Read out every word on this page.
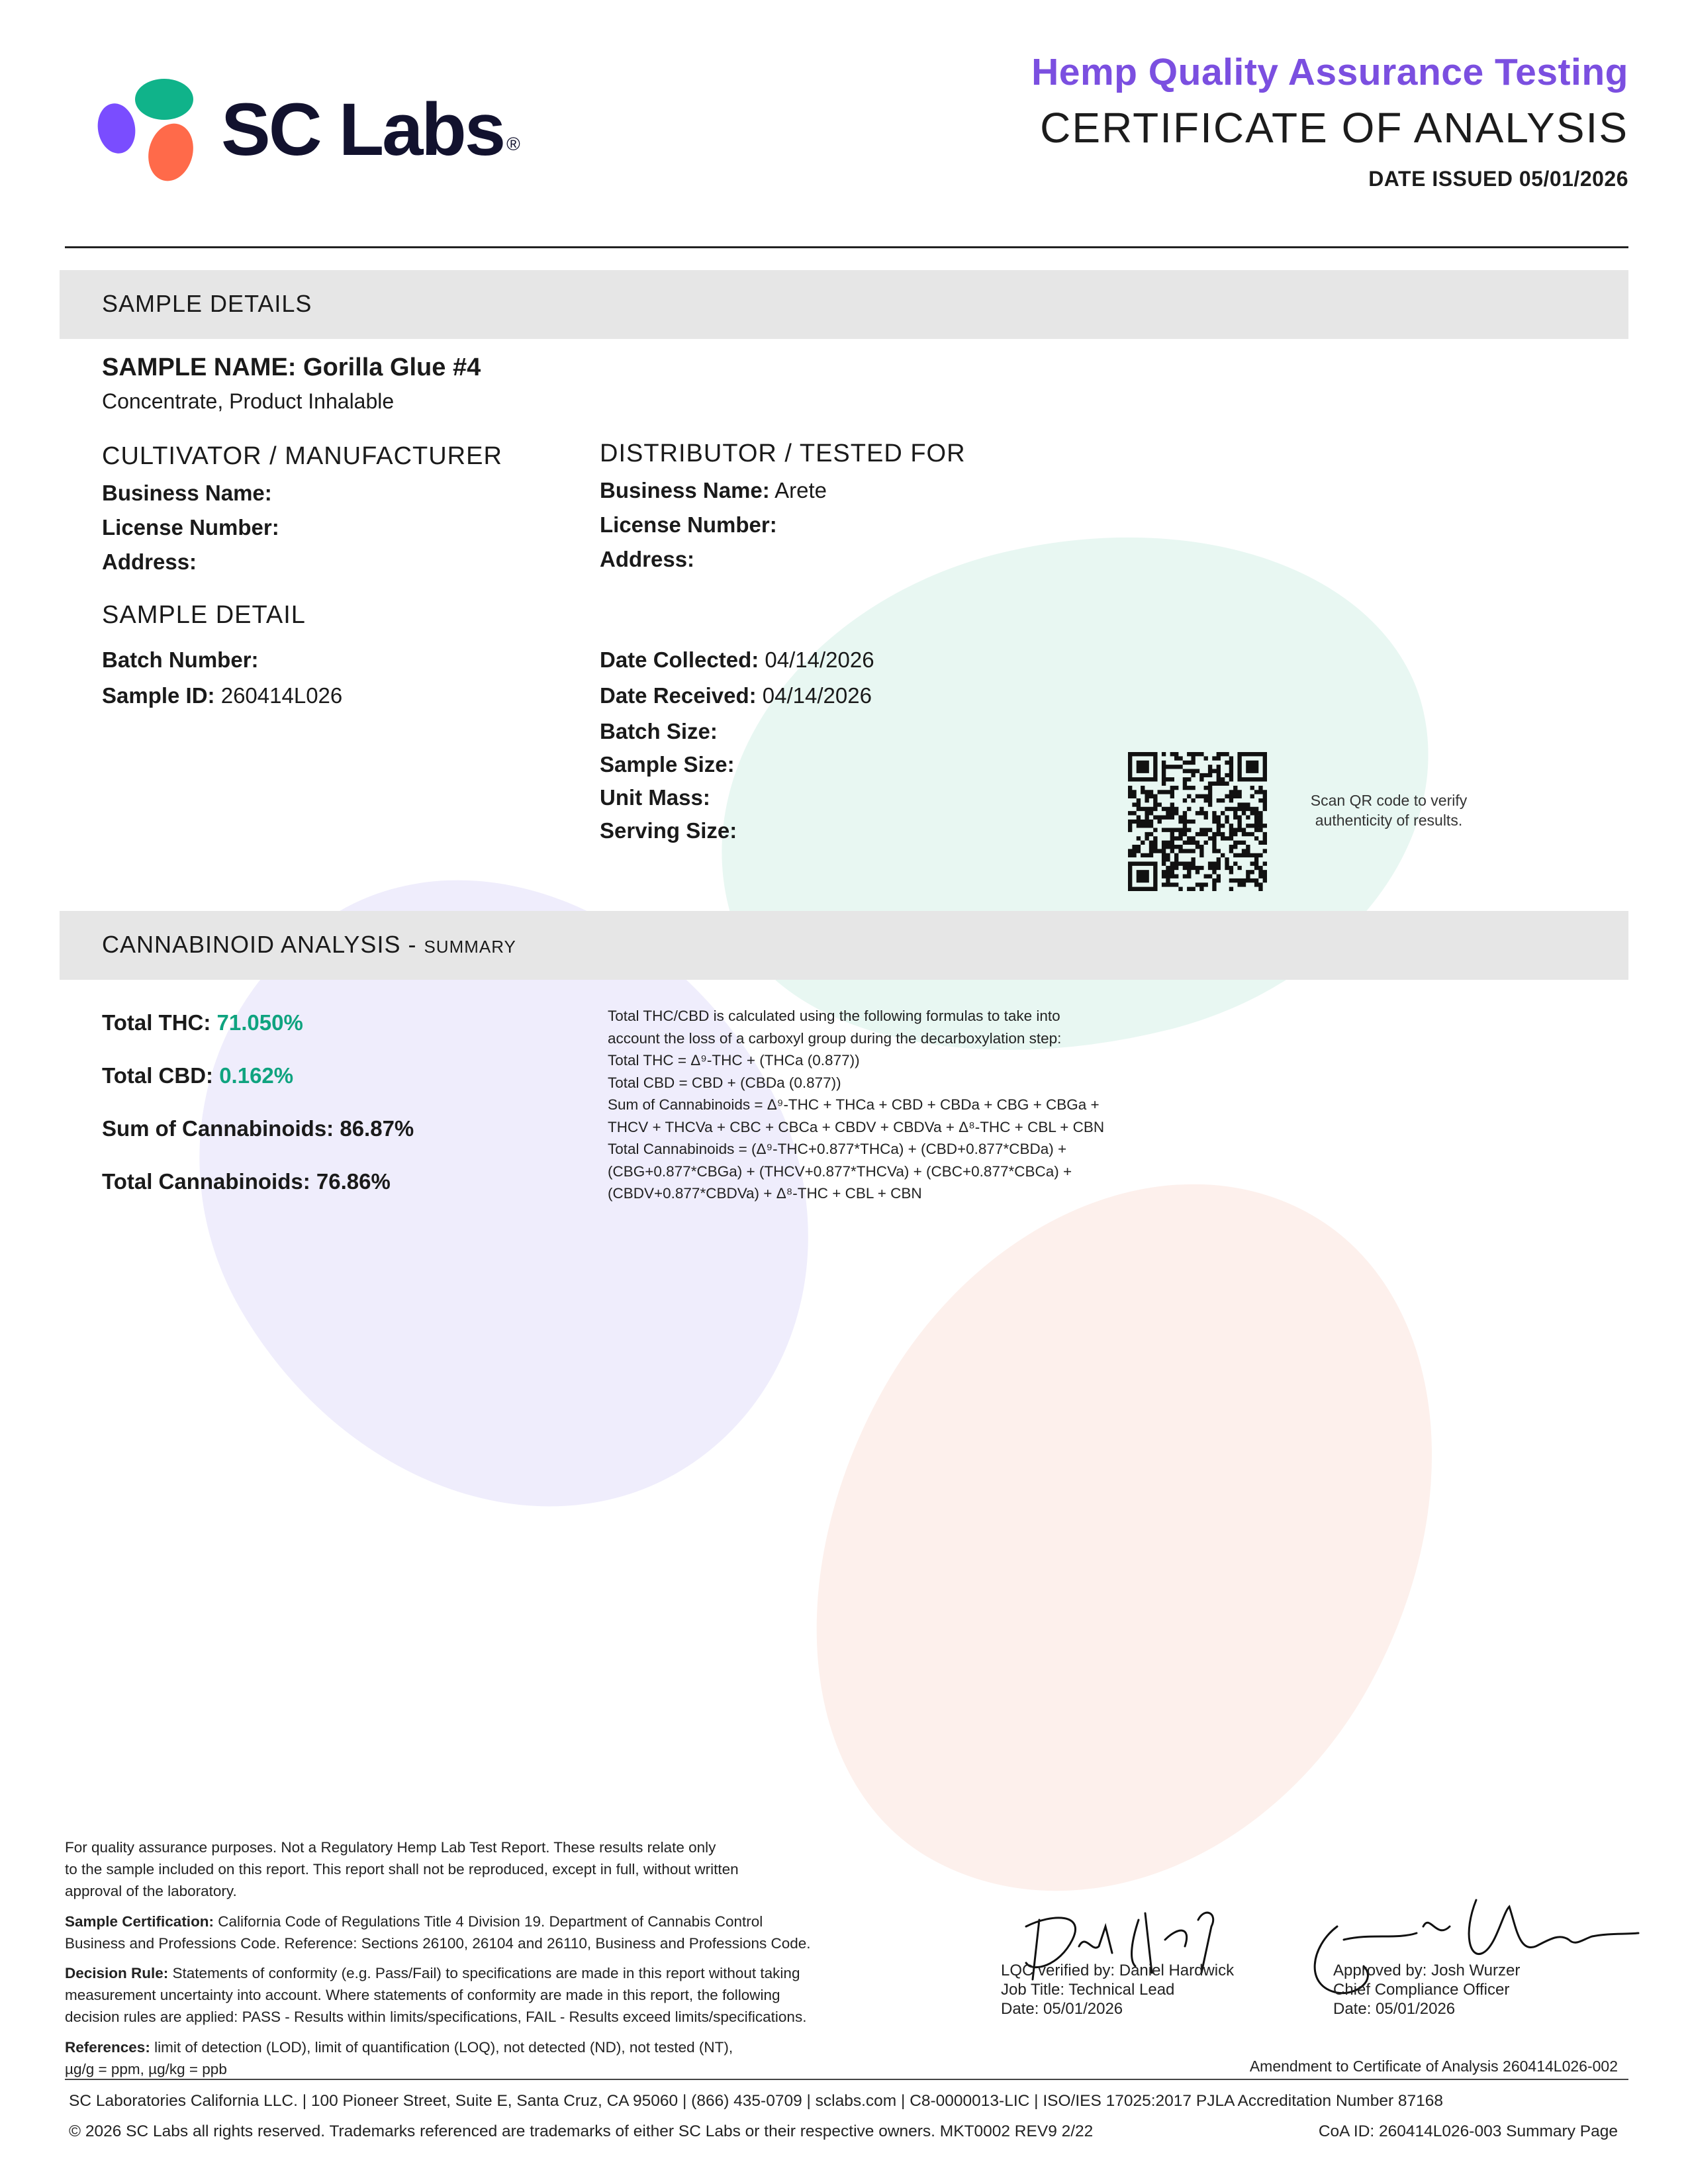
SC Labs ®
Hemp Quality Assurance Testing
CERTIFICATE OF ANALYSIS
DATE ISSUED 05/01/2026
SAMPLE DETAILS
SAMPLE NAME: Gorilla Glue #4
Concentrate, Product Inhalable
CULTIVATOR / MANUFACTURER
Business Name:
License Number:
Address:
DISTRIBUTOR / TESTED FOR
Business Name: Arete
License Number:
Address:
SAMPLE DETAIL
Batch Number:
Sample ID: 260414L026
Date Collected: 04/14/2026
Date Received: 04/14/2026
Batch Size:
Sample Size:
Unit Mass:
Serving Size:
Scan QR code to verify
authenticity of results.
CANNABINOID ANALYSIS - SUMMARY
Total THC: 71.050%
Total CBD: 0.162%
Sum of Cannabinoids: 86.87%
Total Cannabinoids: 76.86%
Total THC/CBD is calculated using the following formulas to take into
account the loss of a carboxyl group during the decarboxylation step:
Total THC = Δ⁹-THC + (THCa (0.877))
Total CBD = CBD + (CBDa (0.877))
Sum of Cannabinoids = Δ⁹-THC + THCa + CBD + CBDa + CBG + CBGa +
THCV + THCVa + CBC + CBCa + CBDV + CBDVa + Δ⁸-THC + CBL + CBN
Total Cannabinoids = (Δ⁹-THC+0.877*THCa) + (CBD+0.877*CBDa) +
(CBG+0.877*CBGa) + (THCV+0.877*THCVa) + (CBC+0.877*CBCa) +
(CBDV+0.877*CBDVa) + Δ⁸-THC + CBL + CBN
For quality assurance purposes. Not a Regulatory Hemp Lab Test Report. These results relate only
to the sample included on this report. This report shall not be reproduced, except in full, without written
approval of the laboratory.
Sample Certification: California Code of Regulations Title 4 Division 19. Department of Cannabis Control
Business and Professions Code. Reference: Sections 26100, 26104 and 26110, Business and Professions Code.
Decision Rule: Statements of conformity (e.g. Pass/Fail) to specifications are made in this report without taking
measurement uncertainty into account. Where statements of conformity are made in this report, the following
decision rules are applied: PASS - Results within limits/specifications, FAIL - Results exceed limits/specifications.
References: limit of detection (LOD), limit of quantification (LOQ), not detected (ND), not tested (NT),
µg/g = ppm, µg/kg = ppb
LQC verified by: Daniel Hardwick
Job Title: Technical Lead
Date: 05/01/2026
Approved by: Josh Wurzer
Chief Compliance Officer
Date: 05/01/2026
Amendment to Certificate of Analysis 260414L026-002
SC Laboratories California LLC. | 100 Pioneer Street, Suite E, Santa Cruz, CA 95060 | (866) 435-0709 | sclabs.com | C8-0000013-LIC | ISO/IES 17025:2017 PJLA Accreditation Number 87168
© 2026 SC Labs all rights reserved. Trademarks referenced are trademarks of either SC Labs or their respective owners. MKT0002 REV9 2/22	CoA ID: 260414L026-003 Summary Page
